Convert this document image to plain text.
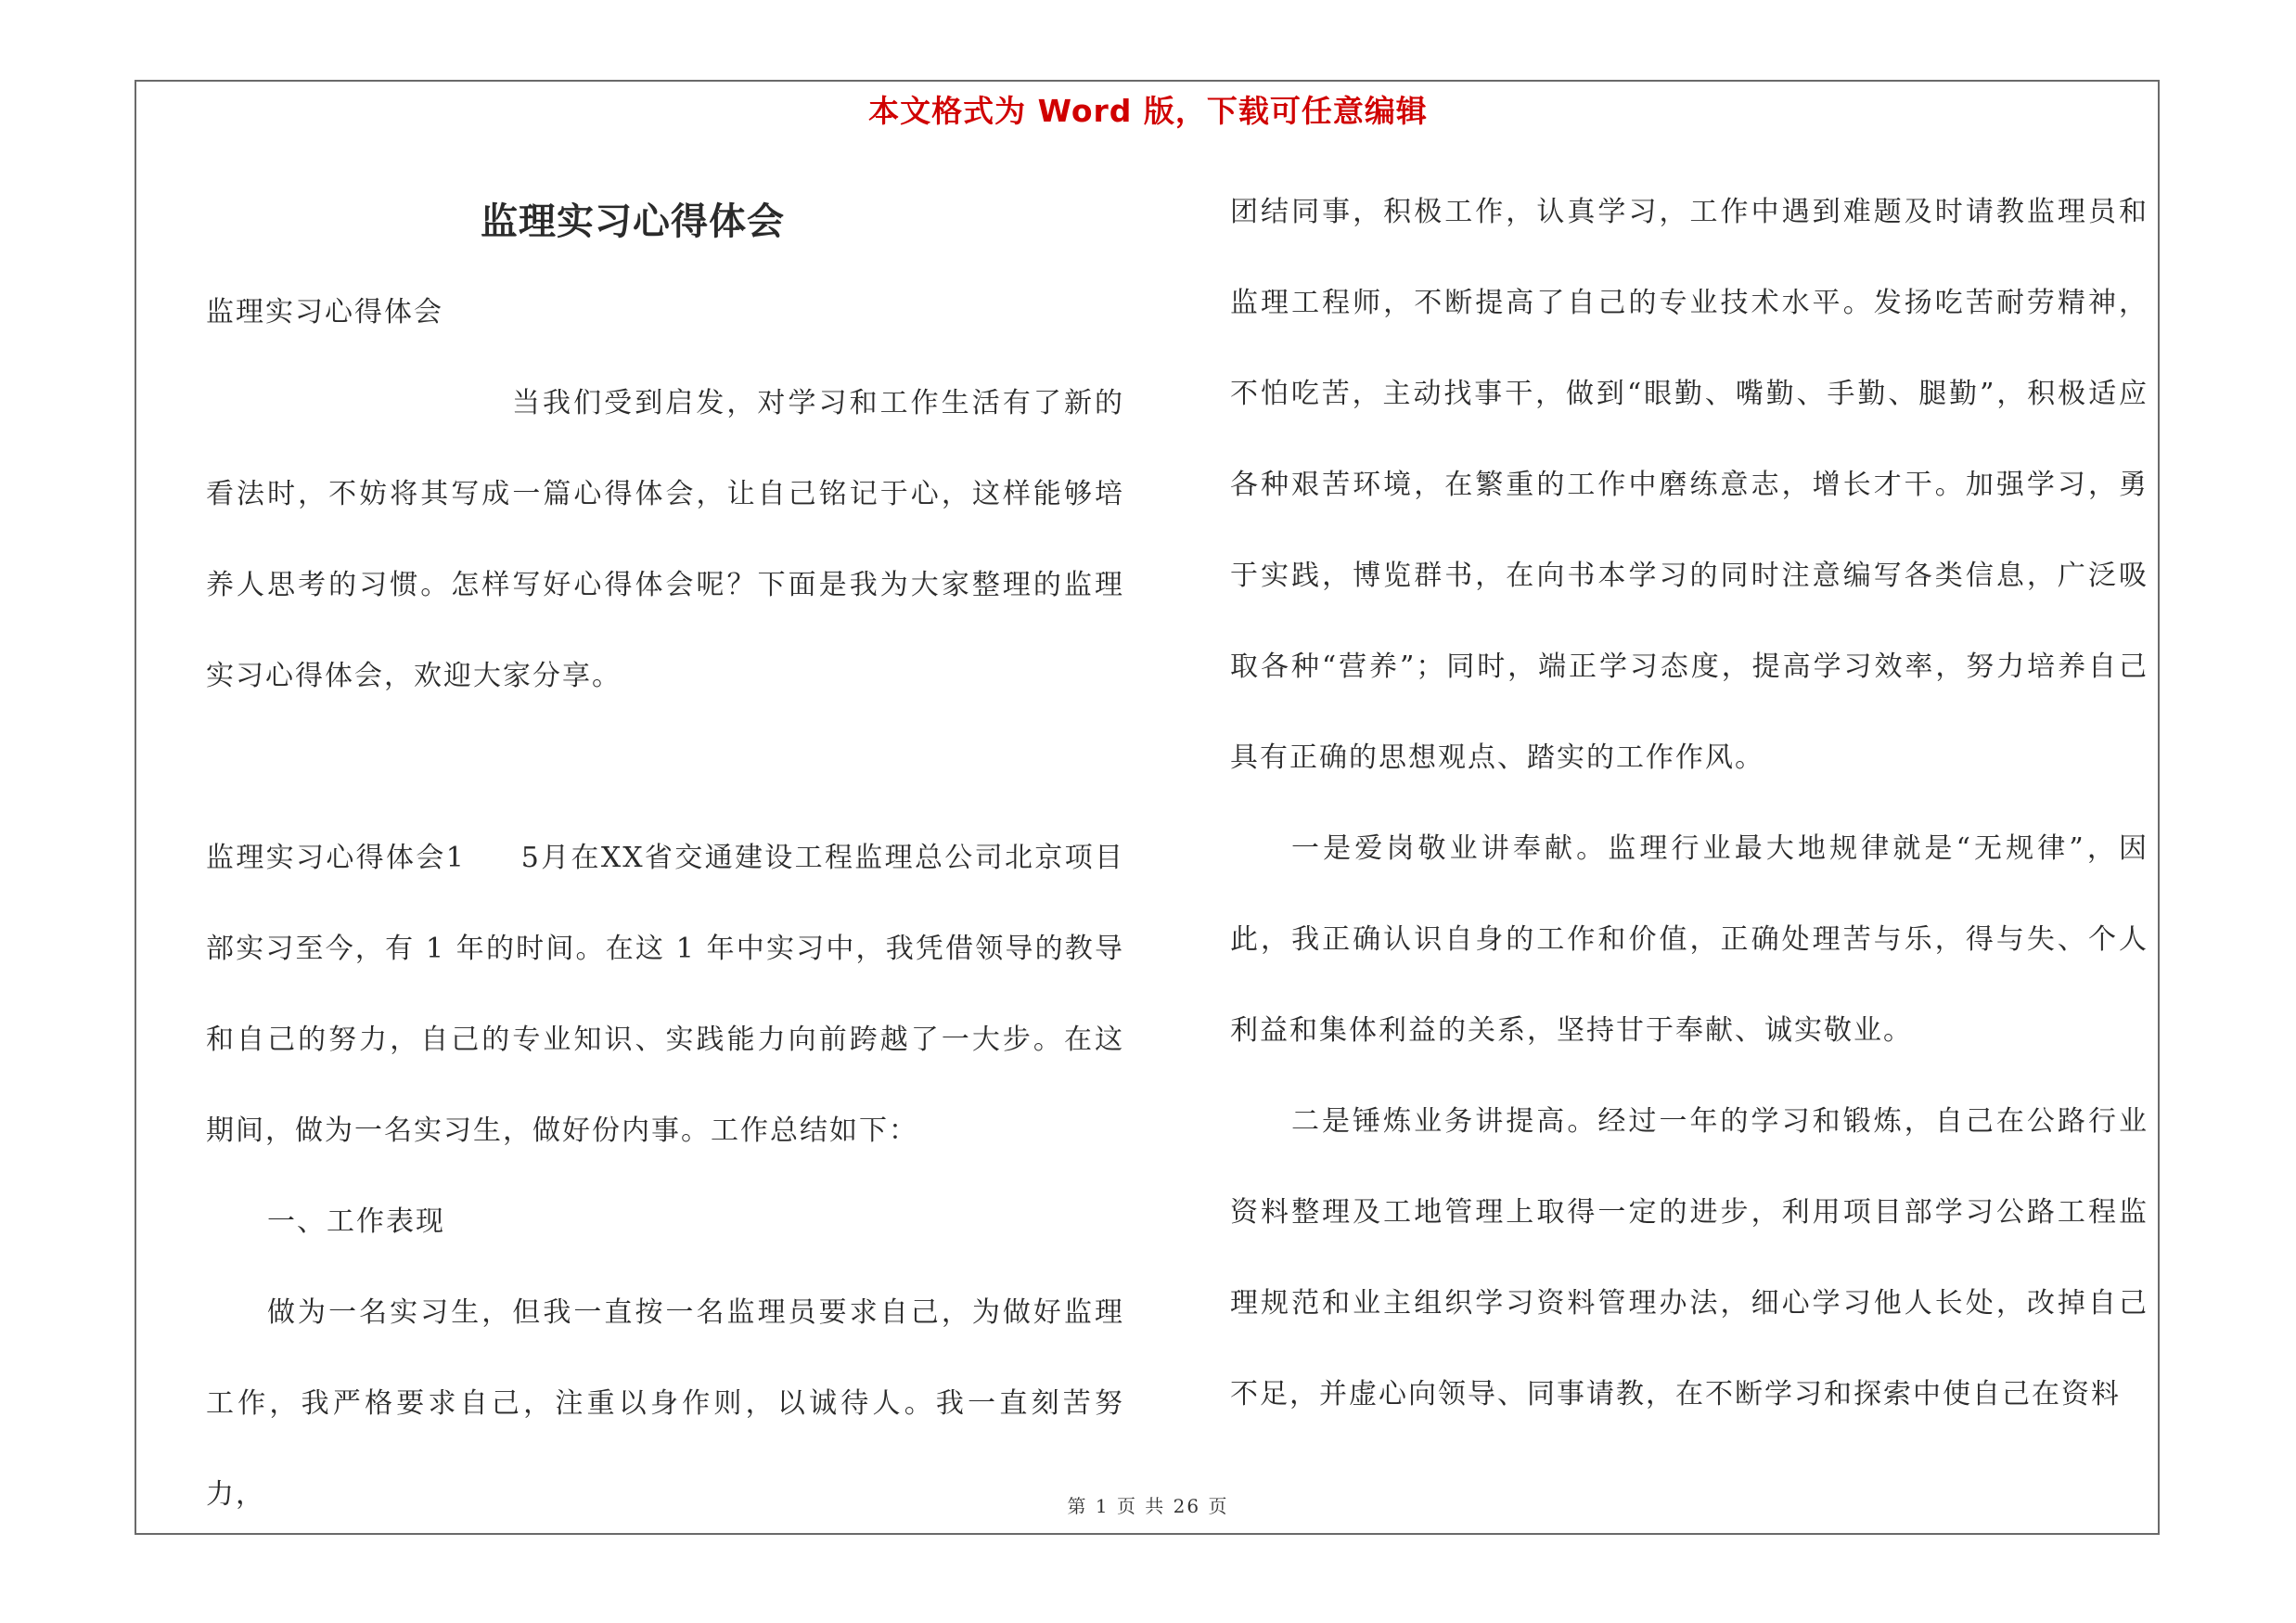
本文格式为 Word 版，下载可任意编辑
监理实习心得体会

监理实习心得体会

当我们受到启发，对学习和工作生活有了新的看法时，不妨将其写成一篇心得体会，让自己铭记于心，这样能够培养人思考的习惯。怎样写好心得体会呢？下面是我为大家整理的监理实习心得体会，欢迎大家分享。

监理实习心得体会1 5月在XX省交通建设工程监理总公司北京项目部实习至今，有 1 年的时间。在这 1 年中实习中，我凭借领导的教导和自己的努力，自己的专业知识、实践能力向前跨越了一大步。在这期间，做为一名实习生，做好份内事。工作总结如下：

一、工作表现

做为一名实习生，但我一直按一名监理员要求自己，为做好监理工作，我严格要求自己，注重以身作则，以诚待人。我一直刻苦努力，

团结同事，积极工作，认真学习，工作中遇到难题及时请教监理员和监理工程师，不断提高了自己的专业技术水平。发扬吃苦耐劳精神，不怕吃苦，主动找事干，做到“眼勤、嘴勤、手勤、腿勤”，积极适应各种艰苦环境，在繁重的工作中磨练意志，增长才干。加强学习，勇于实践，博览群书，在向书本学习的同时注意编写各类信息，广泛吸取各种“营养”；同时，端正学习态度，提高学习效率，努力培养自己具有正确的思想观点、踏实的工作作风。

一是爱岗敬业讲奉献。监理行业最大地规律就是“无规律”，因此，我正确认识自身的工作和价值，正确处理苦与乐，得与失、个人利益和集体利益的关系，坚持甘于奉献、诚实敬业。

二是锤炼业务讲提高。经过一年的学习和锻炼，自己在公路行业资料整理及工地管理上取得一定的进步，利用项目部学习公路工程监理规范和业主组织学习资料管理办法，细心学习他人长处，改掉自己不足，并虚心向领导、同事请教，在不断学习和探索中使自己在资料

第 1 页 共 26 页
